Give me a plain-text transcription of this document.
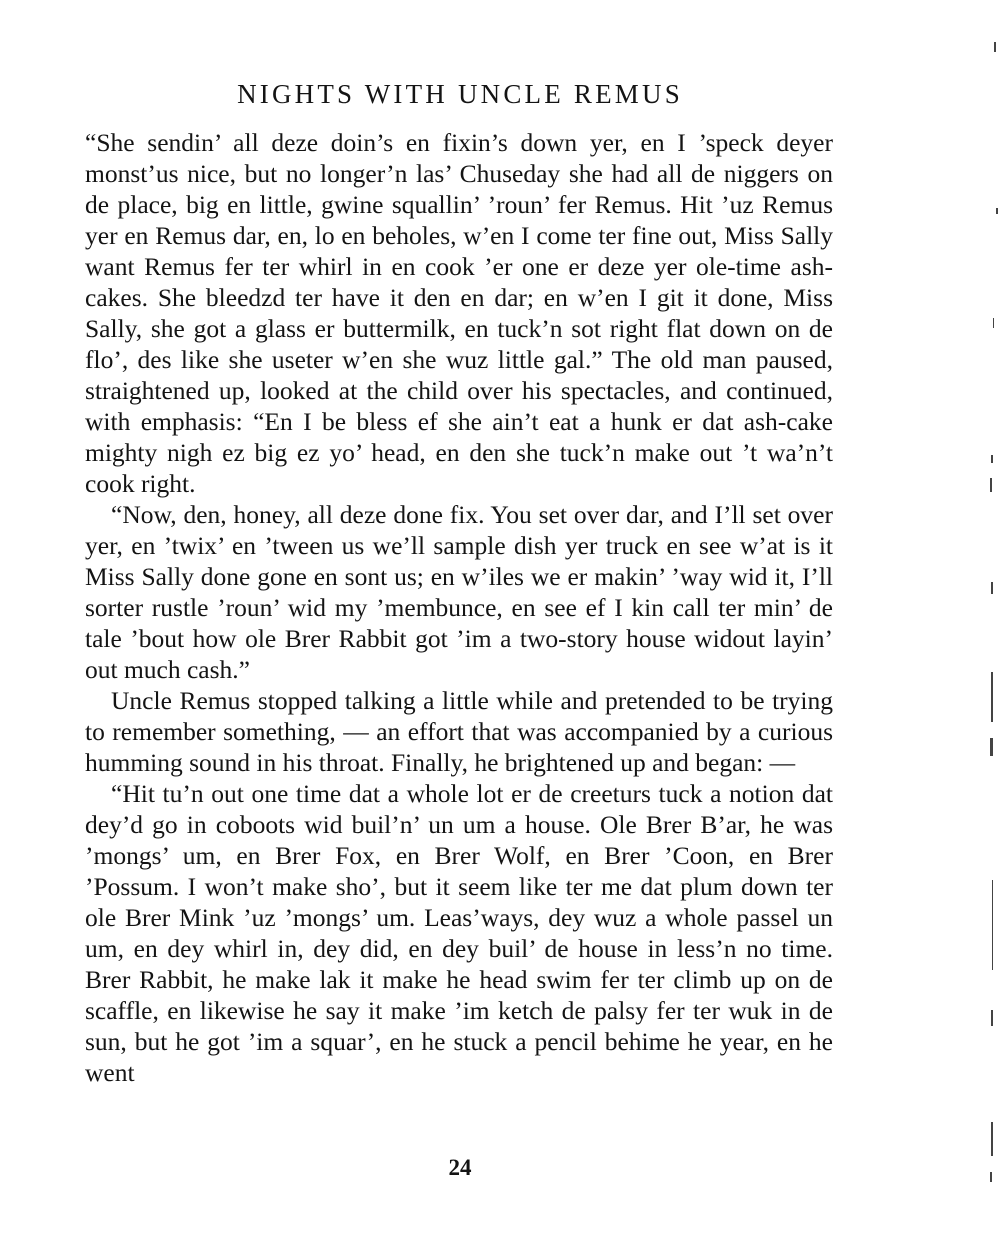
NIGHTS WITH UNCLE REMUS

“She sendin’ all deze doin’s en fixin’s down yer, en I ’speck deyer monst’us nice, but no longer’n las’ Chuseday she had all de niggers on de place, big en little, gwine squallin’ ’roun’ fer Remus. Hit ’uz Remus yer en Remus dar, en, lo en beholes, w’en I come ter fine out, Miss Sally want Remus fer ter whirl in en cook ’er one er deze yer ole-time ash-cakes. She bleedzd ter have it den en dar; en w’en I git it done, Miss Sally, she got a glass er buttermilk, en tuck’n sot right flat down on de flo’, des like she useter w’en she wuz little gal.” The old man paused, straightened up, looked at the child over his spectacles, and continued, with emphasis: “En I be bless ef she ain’t eat a hunk er dat ash-cake mighty nigh ez big ez yo’ head, en den she tuck’n make out ’t wa’n’t cook right.

“Now, den, honey, all deze done fix. You set over dar, and I’ll set over yer, en ’twix’ en ’tween us we’ll sample dish yer truck en see w’at is it Miss Sally done gone en sont us; en w’iles we er makin’ ’way wid it, I’ll sorter rustle ’roun’ wid my ’membunce, en see ef I kin call ter min’ de tale ’bout how ole Brer Rabbit got ’im a two-story house widout layin’ out much cash.”

Uncle Remus stopped talking a little while and pretended to be trying to remember something, — an effort that was accompanied by a curious humming sound in his throat. Finally, he brightened up and began: —

“Hit tu’n out one time dat a whole lot er de creeturs tuck a notion dat dey’d go in coboots wid buil’n’ un um a house. Ole Brer B’ar, he was ’mongs’ um, en Brer Fox, en Brer Wolf, en Brer ’Coon, en Brer ’Possum. I won’t make sho’, but it seem like ter me dat plum down ter ole Brer Mink ’uz ’mongs’ um. Leas’ways, dey wuz a whole passel un um, en dey whirl in, dey did, en dey buil’ de house in less’n no time. Brer Rabbit, he make lak it make he head swim fer ter climb up on de scaffle, en likewise he say it make ’im ketch de palsy fer ter wuk in de sun, but he got ’im a squar’, en he stuck a pencil behime he year, en he went

24
